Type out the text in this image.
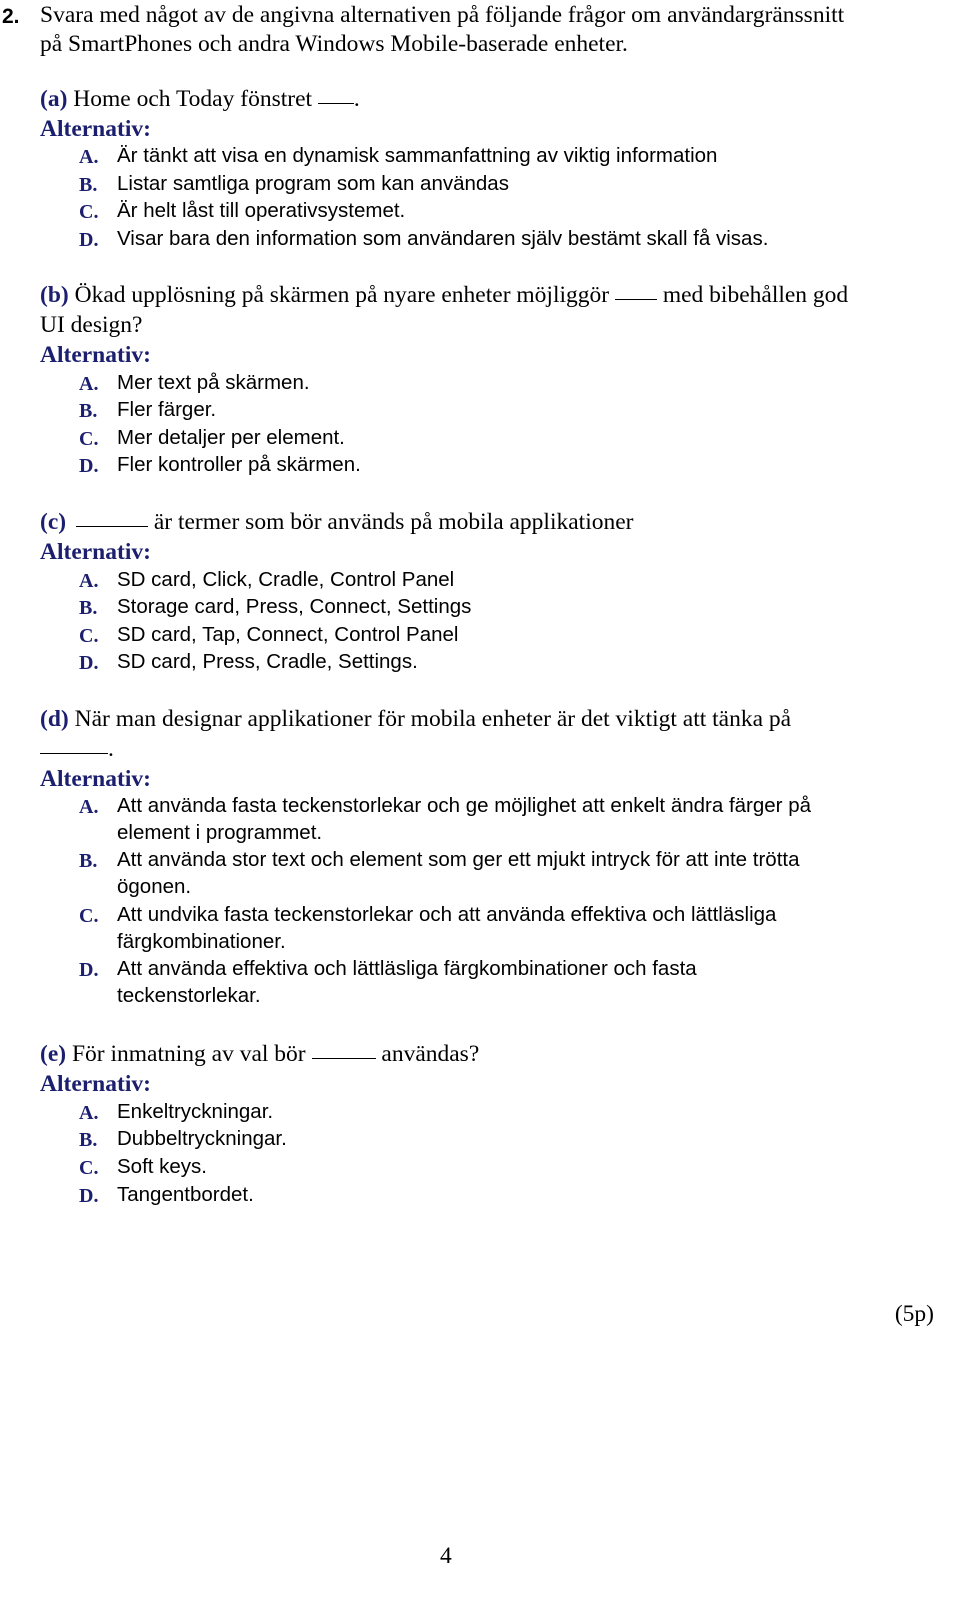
2. Svara med något av de angivna alternativen på följande frågor om användargränssnitt
på SmartPhones och andra Windows Mobile-baserade enheter.
(a) Home och Today fönstret .
Alternativ:
A. Är tänkt att visa en dynamisk sammanfattning av viktig information
B. Listar samtliga program som kan användas
C. Är helt låst till operativsystemet.
D. Visar bara den information som användaren själv bestämt skall få visas.
(b) Ökad upplösning på skärmen på nyare enheter möjliggör med bibehållen god
UI design?
Alternativ:
A. Mer text på skärmen.
B. Fler färger.
C. Mer detaljer per element.
D. Fler kontroller på skärmen.
(c)	är termer som bör används på mobila applikationer
Alternativ:
A. SD card, Click, Cradle, Control Panel
B. Storage card, Press, Connect, Settings
C. SD card, Tap, Connect, Control Panel
D. SD card, Press, Cradle, Settings.
(d) När man designar applikationer för mobila enheter är det viktigt att tänka på
.
Alternativ:
A. Att använda fasta teckenstorlekar och ge möjlighet att enkelt ändra färger på
element i programmet.
B. Att använda stor text och element som ger ett mjukt intryck för att inte trötta
ögonen.
C. Att undvika fasta teckenstorlekar och att använda effektiva och lättläsliga
färgkombinationer.
D. Att använda effektiva och lättläsliga färgkombinationer och fasta
teckenstorlekar.
(e) För inmatning av val bör	användas?
Alternativ:
A. Enkeltryckningar.
B. Dubbeltryckningar.
C. Soft keys.
D. Tangentbordet.
(5p)
4
